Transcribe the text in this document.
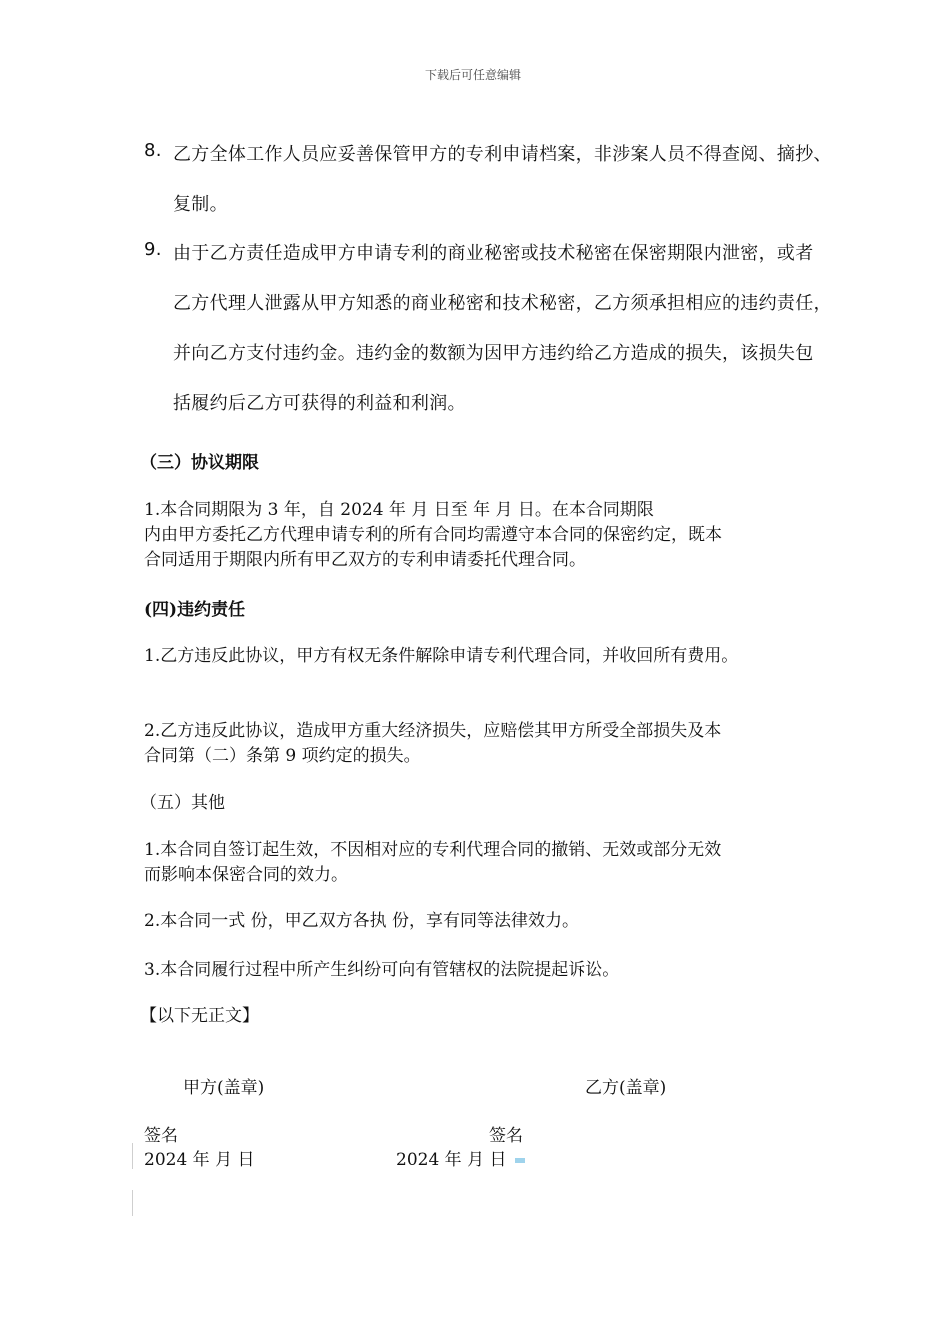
下载后可任意编辑
8. 乙方全体工作人员应妥善保管甲方的专利申请档案，非涉案人员不得查阅、摘抄、
复制。
9. 由于乙方责任造成甲方申请专利的商业秘密或技术秘密在保密期限内泄密，或者
乙方代理人泄露从甲方知悉的商业秘密和技术秘密，乙方须承担相应的违约责任，
并向乙方支付违约金。违约金的数额为因甲方违约给乙方造成的损失，该损失包
括履约后乙方可获得的利益和利润。
（三）协议期限
1.本合同期限为 3 年，自 2024 年 月 日至 年 月 日。在本合同期限
内由甲方委托乙方代理申请专利的所有合同均需遵守本合同的保密约定，既本
合同适用于期限内所有甲乙双方的专利申请委托代理合同。
(四)违约责任
1.乙方违反此协议，甲方有权无条件解除申请专利代理合同，并收回所有费用。
2.乙方违反此协议，造成甲方重大经济损失，应赔偿其甲方所受全部损失及本
合同第（二）条第 9 项约定的损失。
（五）其他
1.本合同自签订起生效，不因相对应的专利代理合同的撤销、无效或部分无效
而影响本保密合同的效力。
2.本合同一式 份，甲乙双方各执 份，享有同等法律效力。
3.本合同履行过程中所产生纠纷可向有管辖权的法院提起诉讼。
【以下无正文】
甲方(盖章)	乙方(盖章)
签名	签名
2024 年 月 日	2024 年 月 日
